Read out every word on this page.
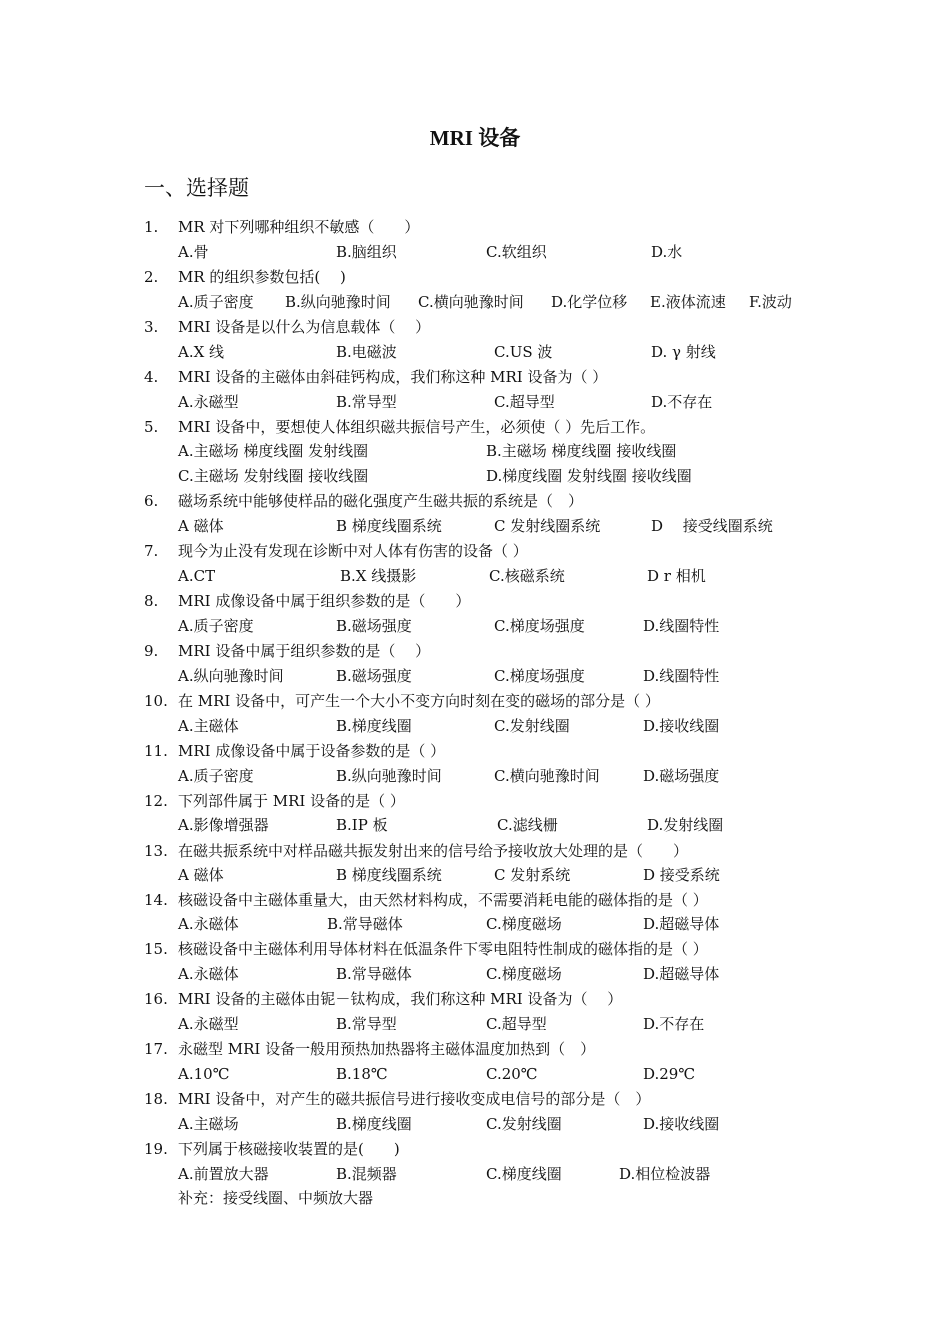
MRI 设备
一、选择题
1. MR 对下列哪种组织不敏感（　　）
A.骨	B.脑组织	C.软组织	D.水
2. MR 的组织参数包括(　 )
A.质子密度 B.纵向驰豫时间 C.横向驰豫时间 D.化学位移 E.液体流速 F.波动
3. MRI 设备是以什么为信息载体（　 ）
A.X 线	B.电磁波	C.US 波	D. γ 射线
4. MRI 设备的主磁体由斜硅钙构成，我们称这种 MRI 设备为（ ）
A.永磁型	B.常导型	C.超导型	D.不存在
5. MRI 设备中，要想使人体组织磁共振信号产生，必须使（ ）先后工作。
A.主磁场 梯度线圈 发射线圈	B.主磁场 梯度线圈 接收线圈
C.主磁场 发射线圈 接收线圈	D.梯度线圈 发射线圈 接收线圈
6. 磁场系统中能够使样品的磁化强度产生磁共振的系统是（　）
A 磁体	B 梯度线圈系统	C 发射线圈系统	D　 接受线圈系统
7. 现今为止没有发现在诊断中对人体有伤害的设备（ ）
A.CT	B.X 线摄影	C.核磁系统	D r 相机
8. MRI 成像设备中属于组织参数的是（　　）
A.质子密度	B.磁场强度	C.梯度场强度	D.线圈特性
9. MRI 设备中属于组织参数的是（　 ）
A.纵向驰豫时间	B.磁场强度	C.梯度场强度	D.线圈特性
10. 在 MRI 设备中，可产生一个大小不变方向时刻在变的磁场的部分是（ ）
A.主磁体	B.梯度线圈	C.发射线圈	D.接收线圈
11. MRI 成像设备中属于设备参数的是（ ）
A.质子密度	B.纵向驰豫时间	C.横向驰豫时间	D.磁场强度
12. 下列部件属于 MRI 设备的是（ ）
A.影像增强器	B.IP 板	C.滤线栅	D.发射线圈
13. 在磁共振系统中对样品磁共振发射出来的信号给予接收放大处理的是（　　）
A 磁体	B 梯度线圈系统	C 发射系统	D 接受系统
14. 核磁设备中主磁体重量大，由天然材料构成，不需要消耗电能的磁体指的是（ ）
A.永磁体	B.常导磁体	C.梯度磁场	D.超磁导体
15. 核磁设备中主磁体利用导体材料在低温条件下零电阻特性制成的磁体指的是（ ）
A.永磁体	B.常导磁体	C.梯度磁场	D.超磁导体
16. MRI 设备的主磁体由铌－钛构成，我们称这种 MRI 设备为（　 ）
A.永磁型	B.常导型	C.超导型	D.不存在
17. 永磁型 MRI 设备一般用预热加热器将主磁体温度加热到（　）
A.10℃	B.18℃	C.20℃	D.29℃
18. MRI 设备中，对产生的磁共振信号进行接收变成电信号的部分是（　）
A.主磁场	B.梯度线圈	C.发射线圈	D.接收线圈
19. 下列属于核磁接收装置的是(　　)
A.前置放大器	B.混频器	C.梯度线圈	D.相位检波器
补充：接受线圈、中频放大器
